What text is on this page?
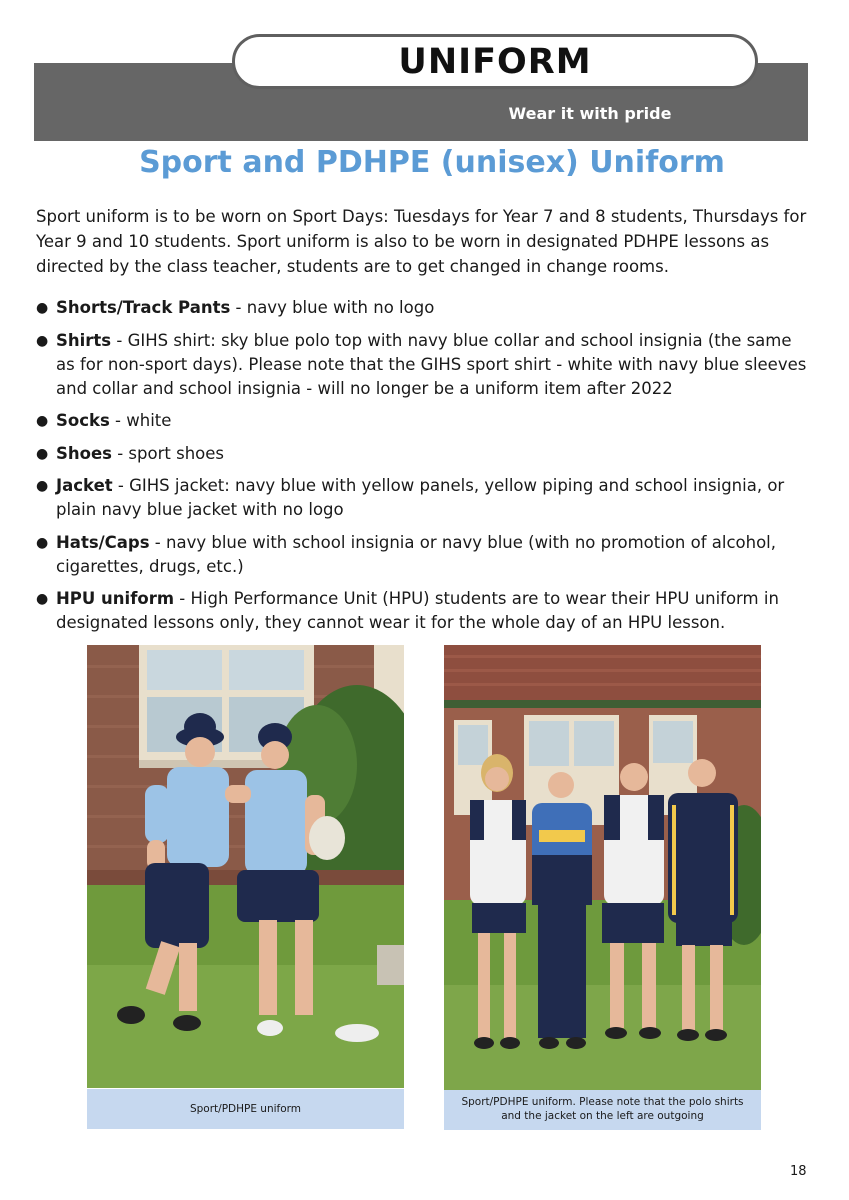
UNIFORM
Wear it with pride
Sport and PDHPE (unisex) Uniform
Sport uniform is to be worn on Sport Days: Tuesdays for Year 7 and 8 students, Thursdays for Year 9 and 10 students. Sport uniform is also to be worn in designated PDHPE lessons as directed by the class teacher, students are to get changed in change rooms.
● Shorts/Track Pants - navy blue with no logo
● Shirts - GIHS shirt: sky blue polo top with navy blue collar and school insignia (the same as for non-sport days). Please note that the GIHS sport shirt - white with navy blue sleeves and collar and school insignia - will no longer be a uniform item after 2022
● Socks - white
● Shoes - sport shoes
● Jacket - GIHS jacket: navy blue with yellow panels, yellow piping and school insignia, or plain navy blue jacket with no logo
● Hats/Caps - navy blue with school insignia or navy blue (with no promotion of alcohol, cigarettes, drugs, etc.)
● HPU uniform - High Performance Unit (HPU) students are to wear their HPU uniform in designated lessons only, they cannot wear it for the whole day of an HPU lesson.
Sport/PDHPE uniform
Sport/PDHPE uniform. Please note that the polo shirts and the jacket on the left are outgoing
18
